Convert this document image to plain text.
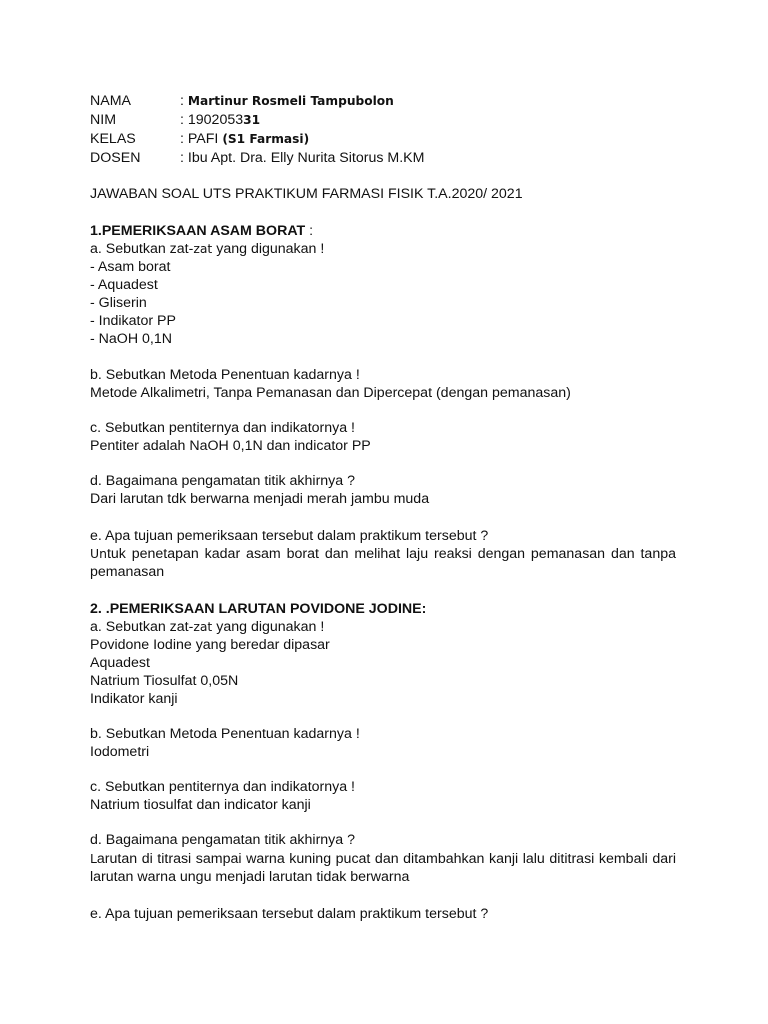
NAMA	: Martinur Rosmeli Tampubolon
NIM	: 190205331
KELAS	: PAFI (S1 Farmasi)
DOSEN	: Ibu Apt. Dra. Elly Nurita Sitorus M.KM
JAWABAN SOAL UTS PRAKTIKUM FARMASI FISIK T.A.2020/ 2021
1.PEMERIKSAAN ASAM BORAT :
a. Sebutkan zat-zat yang digunakan !
- Asam borat
- Aquadest
- Gliserin
- Indikator PP
- NaOH 0,1N
b. Sebutkan Metoda Penentuan kadarnya !
Metode Alkalimetri, Tanpa Pemanasan dan Dipercepat (dengan pemanasan)
c. Sebutkan pentiternya dan indikatornya !
Pentiter adalah NaOH 0,1N dan indicator PP
d. Bagaimana pengamatan titik akhirnya ?
Dari larutan tdk berwarna menjadi merah jambu muda
e. Apa tujuan pemeriksaan tersebut dalam praktikum tersebut ?
Untuk penetapan kadar asam borat dan melihat laju reaksi dengan pemanasan dan tanpa pemanasan
2. .PEMERIKSAAN LARUTAN POVIDONE JODINE:
a. Sebutkan zat-zat yang digunakan !
Povidone Iodine yang beredar dipasar
Aquadest
Natrium Tiosulfat 0,05N
Indikator kanji
b. Sebutkan Metoda Penentuan kadarnya !
Iodometri
c. Sebutkan pentiternya dan indikatornya !
Natrium tiosulfat dan indicator kanji
d. Bagaimana pengamatan titik akhirnya ?
Larutan di titrasi sampai warna kuning pucat dan ditambahkan kanji lalu dititrasi kembali dari larutan warna ungu menjadi larutan tidak berwarna
e. Apa tujuan pemeriksaan tersebut dalam praktikum tersebut ?
